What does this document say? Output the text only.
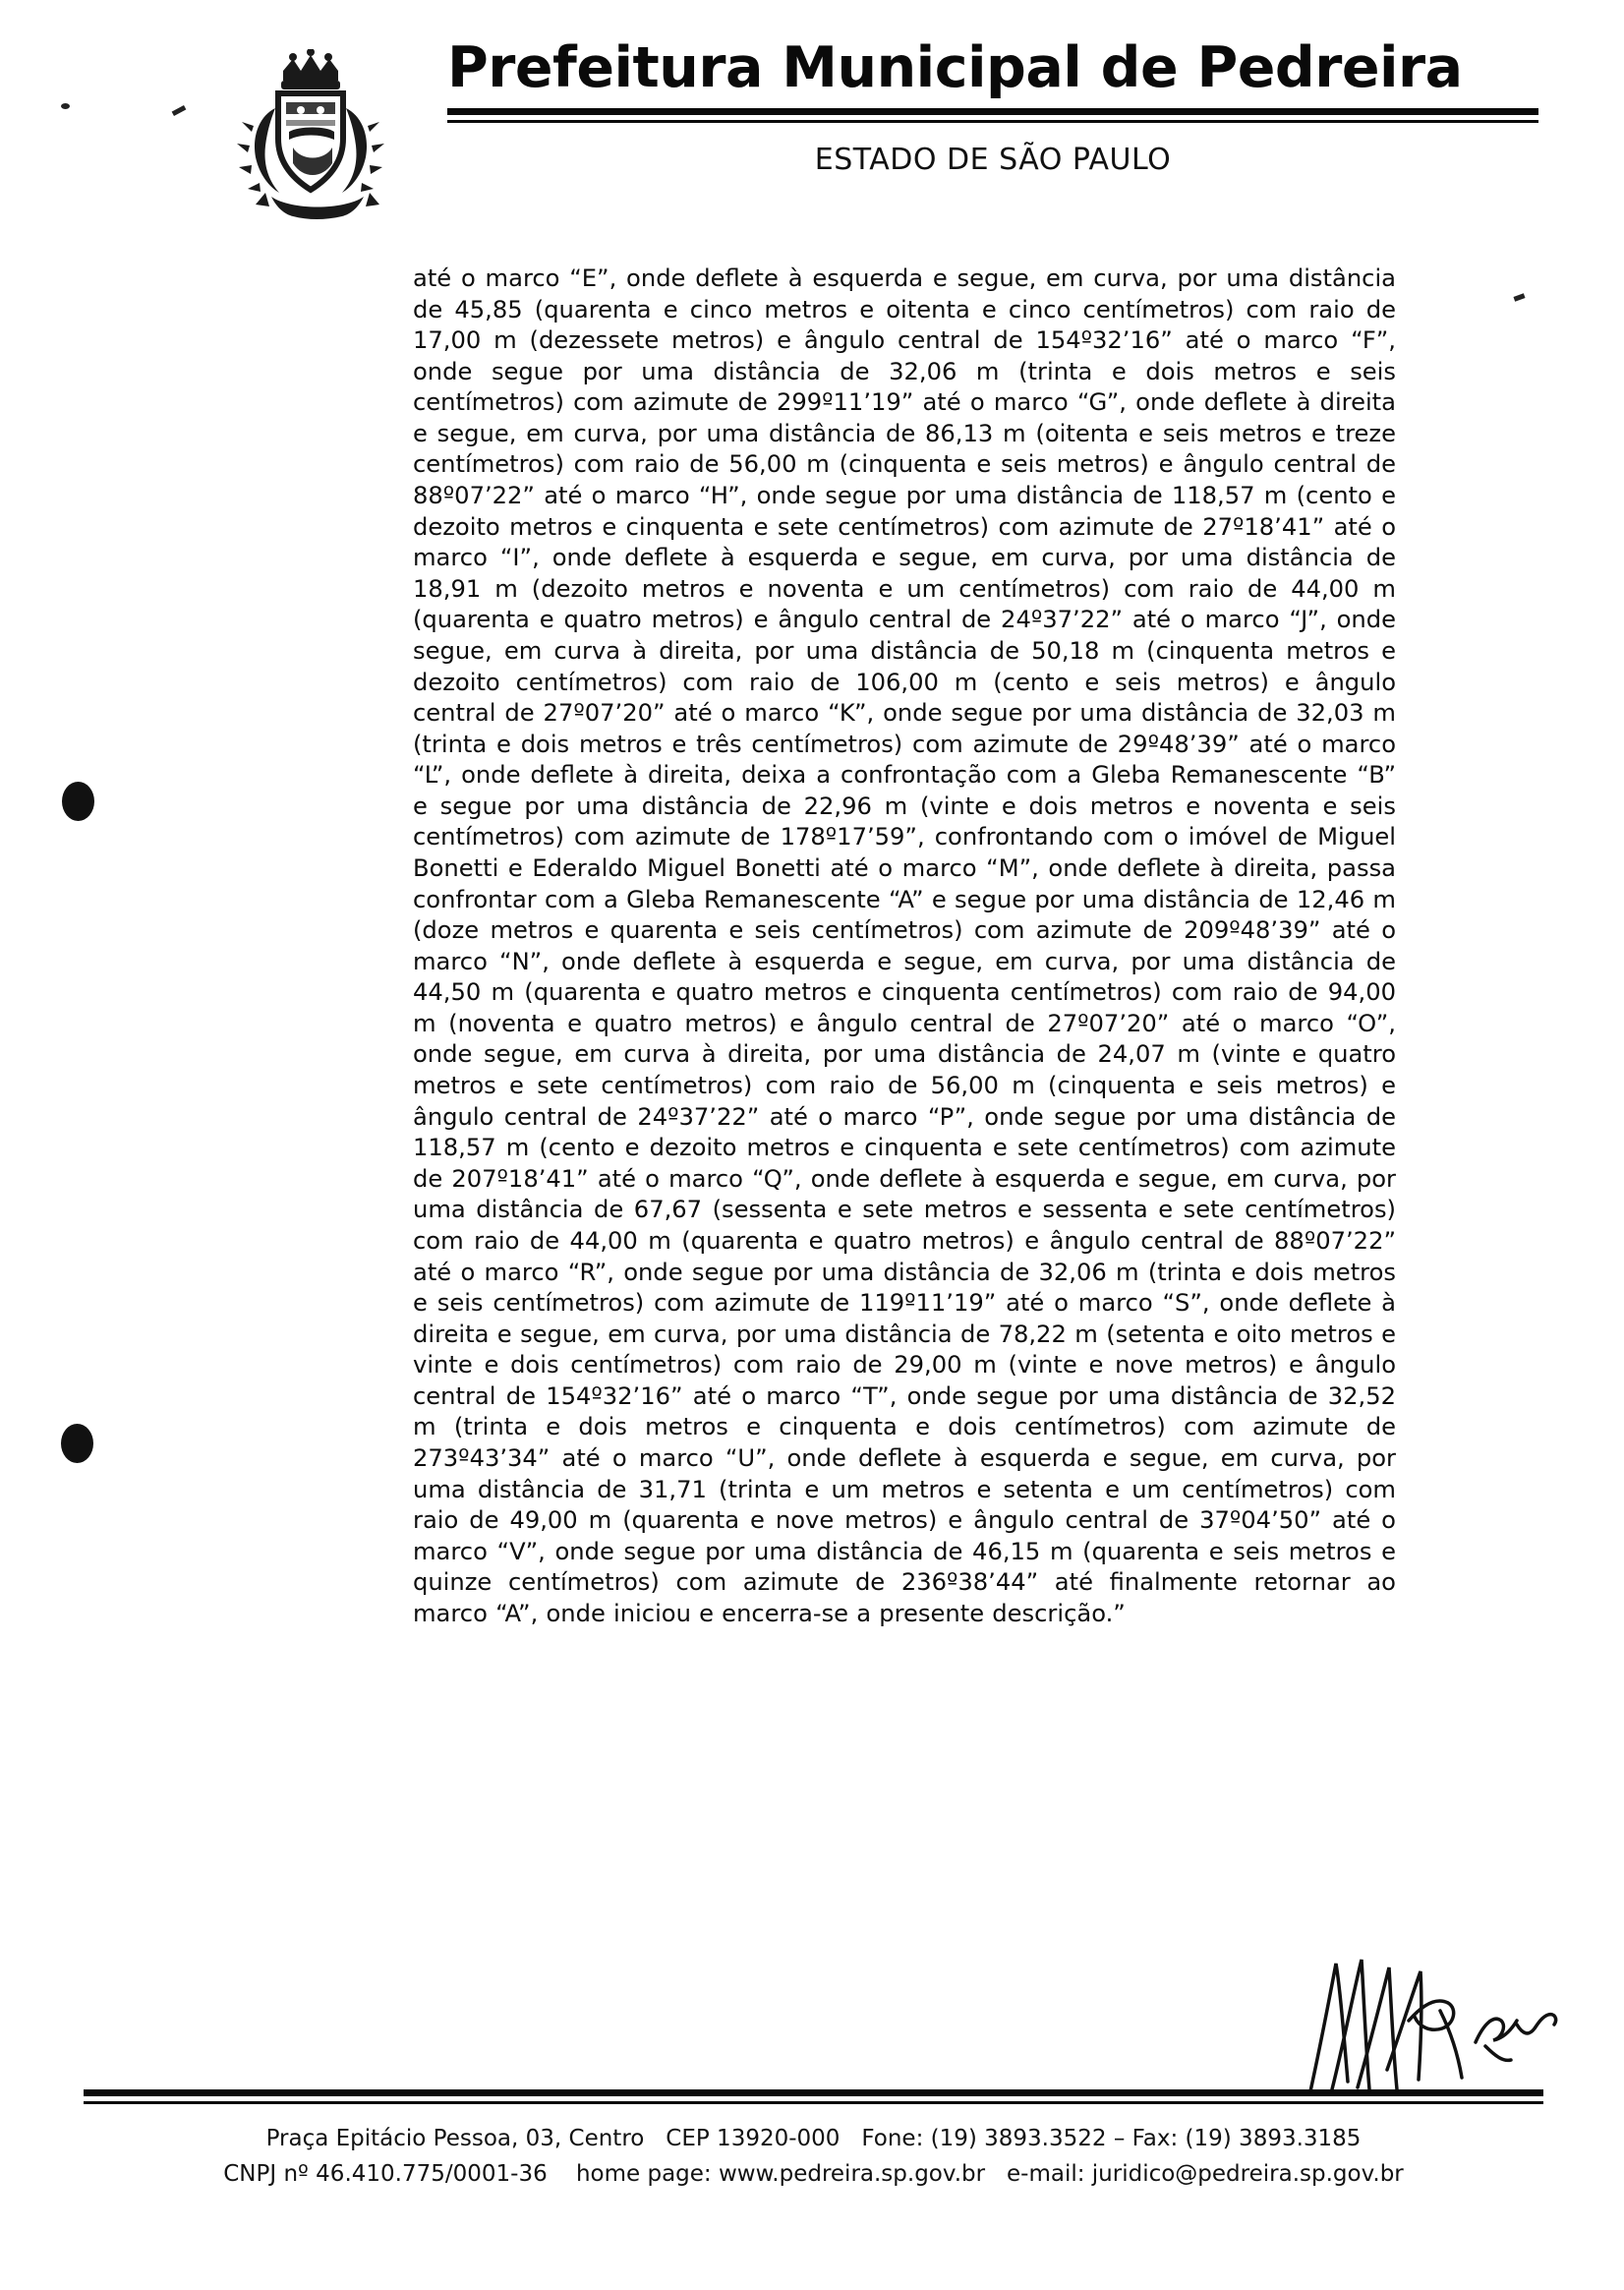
Prefeitura Municipal de Pedreira
ESTADO DE SÃO PAULO

até o marco “E”, onde deflete à esquerda e segue, em curva, por uma distância de 45,85 (quarenta e cinco metros e oitenta e cinco centímetros) com raio de 17,00 m (dezessete metros) e ângulo central de 154º32’16” até o marco “F”, onde segue por uma distância de 32,06 m (trinta e dois metros e seis centímetros) com azimute de 299º11’19” até o marco “G”, onde deflete à direita e segue, em curva, por uma distância de 86,13 m (oitenta e seis metros e treze centímetros) com raio de 56,00 m (cinquenta e seis metros) e ângulo central de 88º07’22” até o marco “H”, onde segue por uma distância de 118,57 m (cento e dezoito metros e cinquenta e sete centímetros) com azimute de 27º18’41” até o marco “I”, onde deflete à esquerda e segue, em curva, por uma distância de 18,91 m (dezoito metros e noventa e um centímetros) com raio de 44,00 m (quarenta e quatro metros) e ângulo central de 24º37’22” até o marco “J”, onde segue, em curva à direita, por uma distância de 50,18 m (cinquenta metros e dezoito centímetros) com raio de 106,00 m (cento e seis metros) e ângulo central de 27º07’20” até o marco “K”, onde segue por uma distância de 32,03 m (trinta e dois metros e três centímetros) com azimute de 29º48’39” até o marco “L”, onde deflete à direita, deixa a confrontação com a Gleba Remanescente “B” e segue por uma distância de 22,96 m (vinte e dois metros e noventa e seis centímetros) com azimute de 178º17’59”, confrontando com o imóvel de Miguel Bonetti e Ederaldo Miguel Bonetti até o marco “M”, onde deflete à direita, passa confrontar com a Gleba Remanescente “A” e segue por uma distância de 12,46 m (doze metros e quarenta e seis centímetros) com azimute de 209º48’39” até o marco “N”, onde deflete à esquerda e segue, em curva, por uma distância de 44,50 m (quarenta e quatro metros e cinquenta centímetros) com raio de 94,00 m (noventa e quatro metros) e ângulo central de 27º07’20” até o marco “O”, onde segue, em curva à direita, por uma distância de 24,07 m (vinte e quatro metros e sete centímetros) com raio de 56,00 m (cinquenta e seis metros) e ângulo central de 24º37’22” até o marco “P”, onde segue por uma distância de 118,57 m (cento e dezoito metros e cinquenta e sete centímetros) com azimute de 207º18’41” até o marco “Q”, onde deflete à esquerda e segue, em curva, por uma distância de 67,67 (sessenta e sete metros e sessenta e sete centímetros) com raio de 44,00 m (quarenta e quatro metros) e ângulo central de 88º07’22” até o marco “R”, onde segue por uma distância de 32,06 m (trinta e dois metros e seis centímetros) com azimute de 119º11’19” até o marco “S”, onde deflete à direita e segue, em curva, por uma distância de 78,22 m (setenta e oito metros e vinte e dois centímetros) com raio de 29,00 m (vinte e nove metros) e ângulo central de 154º32’16” até o marco “T”, onde segue por uma distância de 32,52 m (trinta e dois metros e cinquenta e dois centímetros) com azimute de 273º43’34” até o marco “U”, onde deflete à esquerda e segue, em curva, por uma distância de 31,71 (trinta e um metros e setenta e um centímetros) com raio de 49,00 m (quarenta e nove metros) e ângulo central de 37º04’50” até o marco “V”, onde segue por uma distância de 46,15 m (quarenta e seis metros e quinze centímetros) com azimute de 236º38’44” até finalmente retornar ao marco “A”, onde iniciou e encerra-se a presente descrição.”

Praça Epitácio Pessoa, 03, Centro   CEP 13920-000   Fone: (19) 3893.3522 – Fax: (19) 3893.3185
CNPJ nº 46.410.775/0001-36    home page: www.pedreira.sp.gov.br   e-mail: juridico@pedreira.sp.gov.br
